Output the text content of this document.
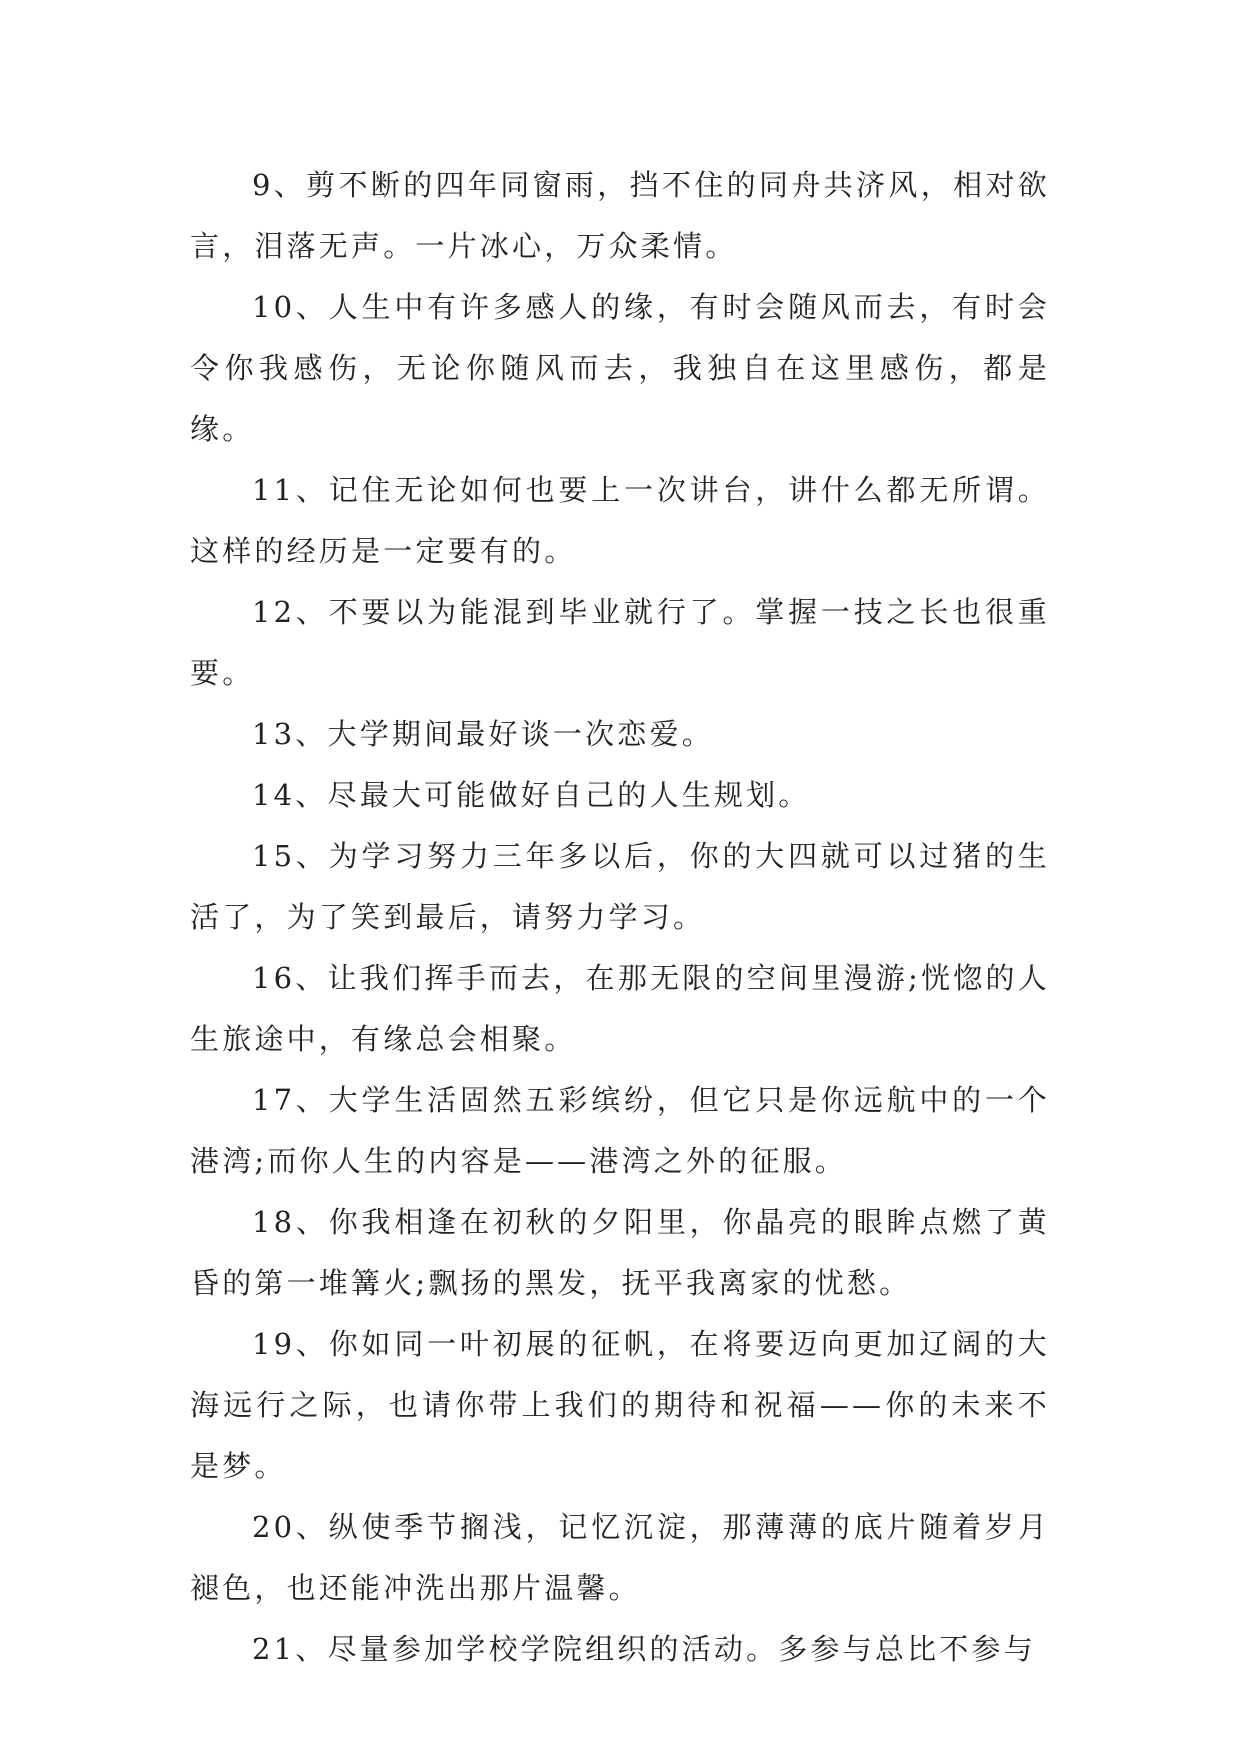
9、剪不断的四年同窗雨，挡不住的同舟共济风，相对欲言，泪落无声。一片冰心，万众柔情。

10、人生中有许多感人的缘，有时会随风而去，有时会令你我感伤，无论你随风而去，我独自在这里感伤，都是缘。

11、记住无论如何也要上一次讲台，讲什么都无所谓。这样的经历是一定要有的。

12、不要以为能混到毕业就行了。掌握一技之长也很重要。

13、大学期间最好谈一次恋爱。

14、尽最大可能做好自己的人生规划。

15、为学习努力三年多以后，你的大四就可以过猪的生活了，为了笑到最后，请努力学习。

16、让我们挥手而去，在那无限的空间里漫游;恍惚的人生旅途中，有缘总会相聚。

17、大学生活固然五彩缤纷，但它只是你远航中的一个港湾;而你人生的内容是——港湾之外的征服。

18、你我相逢在初秋的夕阳里，你晶亮的眼眸点燃了黄昏的第一堆篝火;飘扬的黑发，抚平我离家的忧愁。

19、你如同一叶初展的征帆，在将要迈向更加辽阔的大海远行之际，也请你带上我们的期待和祝福——你的未来不是梦。

20、纵使季节搁浅，记忆沉淀，那薄薄的底片随着岁月褪色，也还能冲洗出那片温馨。

21、尽量参加学校学院组织的活动。多参与总比不参与
